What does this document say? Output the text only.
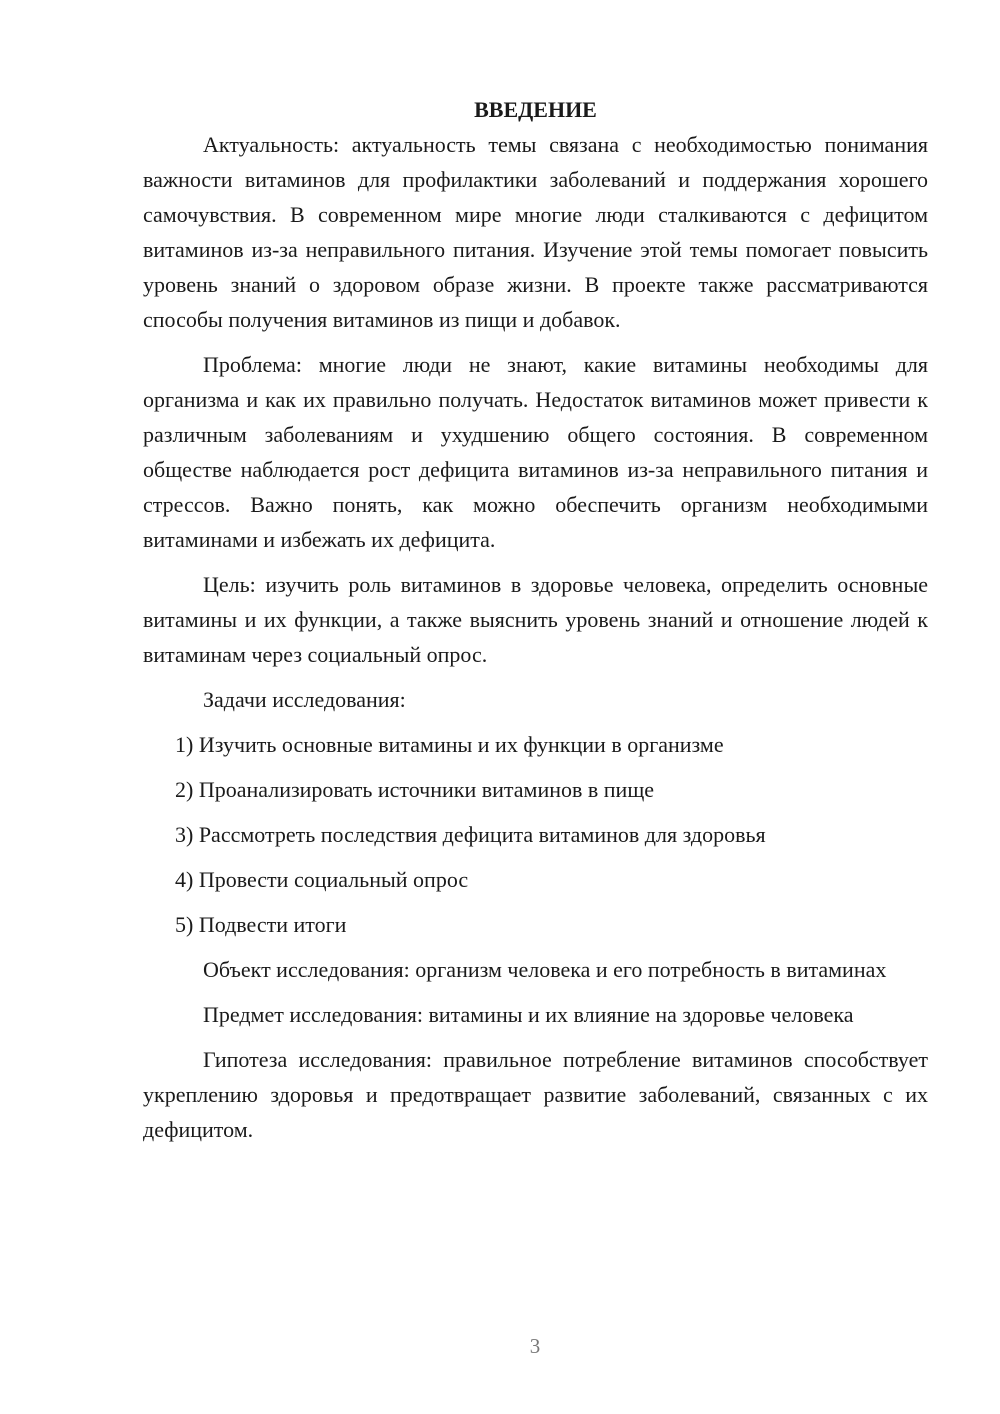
ВВЕДЕНИЕ

Актуальность: актуальность темы связана с необходимостью понимания важности витаминов для профилактики заболеваний и поддержания хорошего самочувствия. В современном мире многие люди сталкиваются с дефицитом витаминов из-за неправильного питания. Изучение этой темы помогает повысить уровень знаний о здоровом образе жизни. В проекте также рассматриваются способы получения витаминов из пищи и добавок.

Проблема: многие люди не знают, какие витамины необходимы для организма и как их правильно получать. Недостаток витаминов может привести к различным заболеваниям и ухудшению общего состояния. В современном обществе наблюдается рост дефицита витаминов из-за неправильного питания и стрессов. Важно понять, как можно обеспечить организм необходимыми витаминами и избежать их дефицита.

Цель: изучить роль витаминов в здоровье человека, определить основные витамины и их функции, а также выяснить уровень знаний и отношение людей к витаминам через социальный опрос.

Задачи исследования:

1) Изучить основные витамины и их функции в организме

2) Проанализировать источники витаминов в пище

3) Рассмотреть последствия дефицита витаминов для здоровья

4) Провести социальный опрос

5) Подвести итоги

Объект исследования: организм человека и его потребность в витаминах

Предмет исследования: витамины и их влияние на здоровье человека

Гипотеза исследования: правильное потребление витаминов способствует укреплению здоровья и предотвращает развитие заболеваний, связанных с их дефицитом.

3
